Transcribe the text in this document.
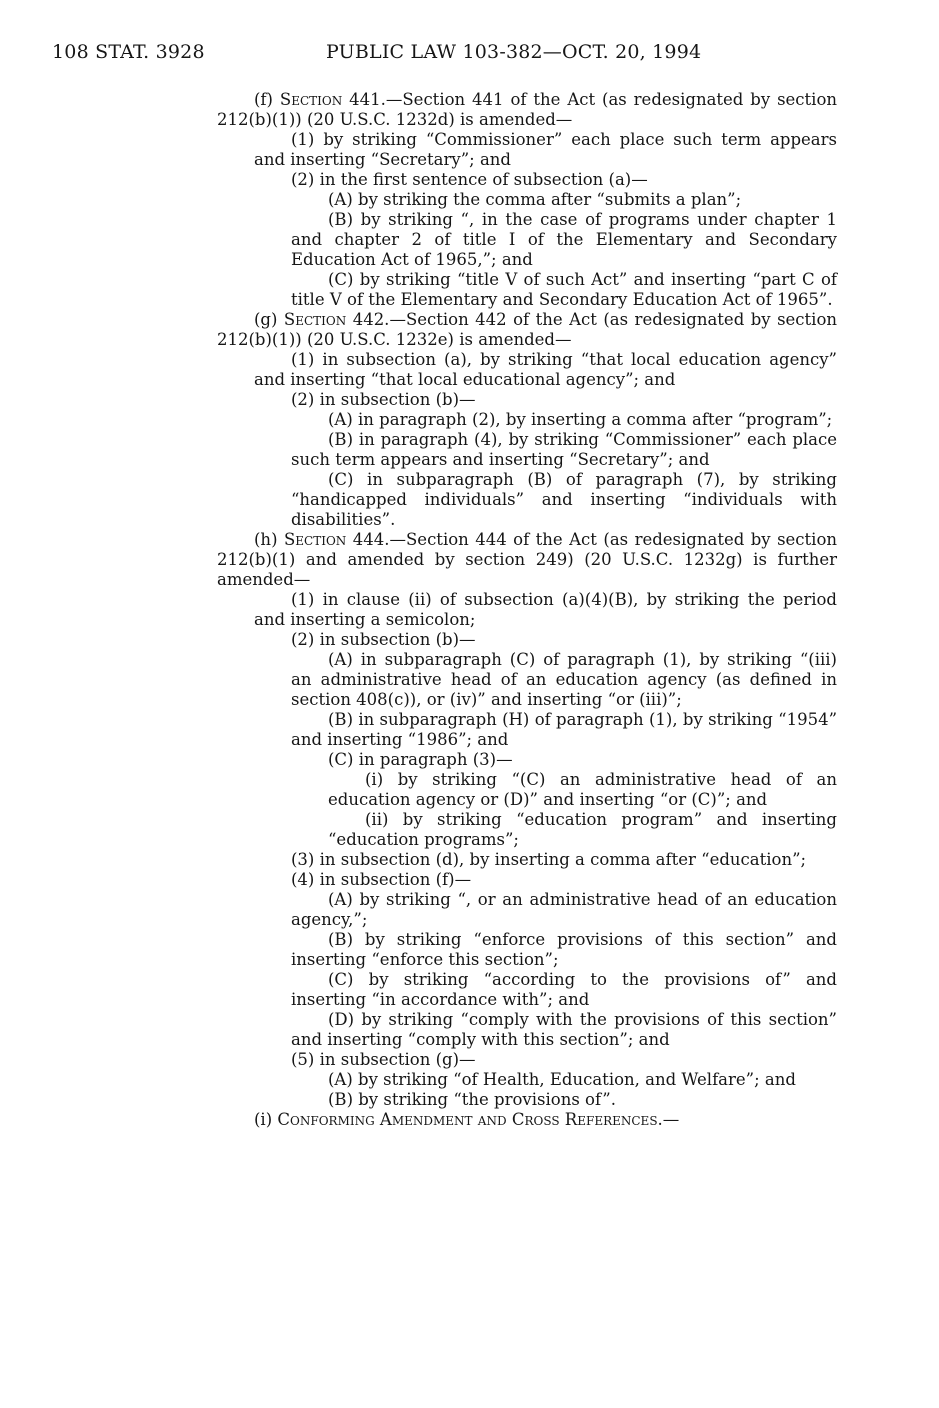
108 STAT. 3928	PUBLIC LAW 103-382—OCT. 20, 1994

(f) Section 441.—Section 441 of the Act (as redesignated by section 212(b)(1)) (20 U.S.C. 1232d) is amended—

(1) by striking “Commissioner” each place such term appears and inserting “Secretary”; and

(2) in the first sentence of subsection (a)—

(A) by striking the comma after “submits a plan”;

(B) by striking “, in the case of programs under chapter 1 and chapter 2 of title I of the Elementary and Secondary Education Act of 1965,”; and

(C) by striking “title V of such Act” and inserting “part C of title V of the Elementary and Secondary Education Act of 1965”.

(g) Section 442.—Section 442 of the Act (as redesignated by section 212(b)(1)) (20 U.S.C. 1232e) is amended—

(1) in subsection (a), by striking “that local education agency” and inserting “that local educational agency”; and

(2) in subsection (b)—

(A) in paragraph (2), by inserting a comma after “program”;

(B) in paragraph (4), by striking “Commissioner” each place such term appears and inserting “Secretary”; and

(C) in subparagraph (B) of paragraph (7), by striking “handicapped individuals” and inserting “individuals with disabilities”.

(h) Section 444.—Section 444 of the Act (as redesignated by section 212(b)(1) and amended by section 249) (20 U.S.C. 1232g) is further amended—

(1) in clause (ii) of subsection (a)(4)(B), by striking the period and inserting a semicolon;

(2) in subsection (b)—

(A) in subparagraph (C) of paragraph (1), by striking “(iii) an administrative head of an education agency (as defined in section 408(c)), or (iv)” and inserting “or (iii)”;

(B) in subparagraph (H) of paragraph (1), by striking “1954” and inserting “1986”; and

(C) in paragraph (3)—

(i) by striking “(C) an administrative head of an education agency or (D)” and inserting “or (C)”; and

(ii) by striking “education program” and inserting “education programs”;

(3) in subsection (d), by inserting a comma after “education”;

(4) in subsection (f)—

(A) by striking “, or an administrative head of an education agency,”;

(B) by striking “enforce provisions of this section” and inserting “enforce this section”;

(C) by striking “according to the provisions of” and inserting “in accordance with”; and

(D) by striking “comply with the provisions of this section” and inserting “comply with this section”; and

(5) in subsection (g)—

(A) by striking “of Health, Education, and Welfare”; and

(B) by striking “the provisions of”.

(i) Conforming Amendment and Cross References.—
